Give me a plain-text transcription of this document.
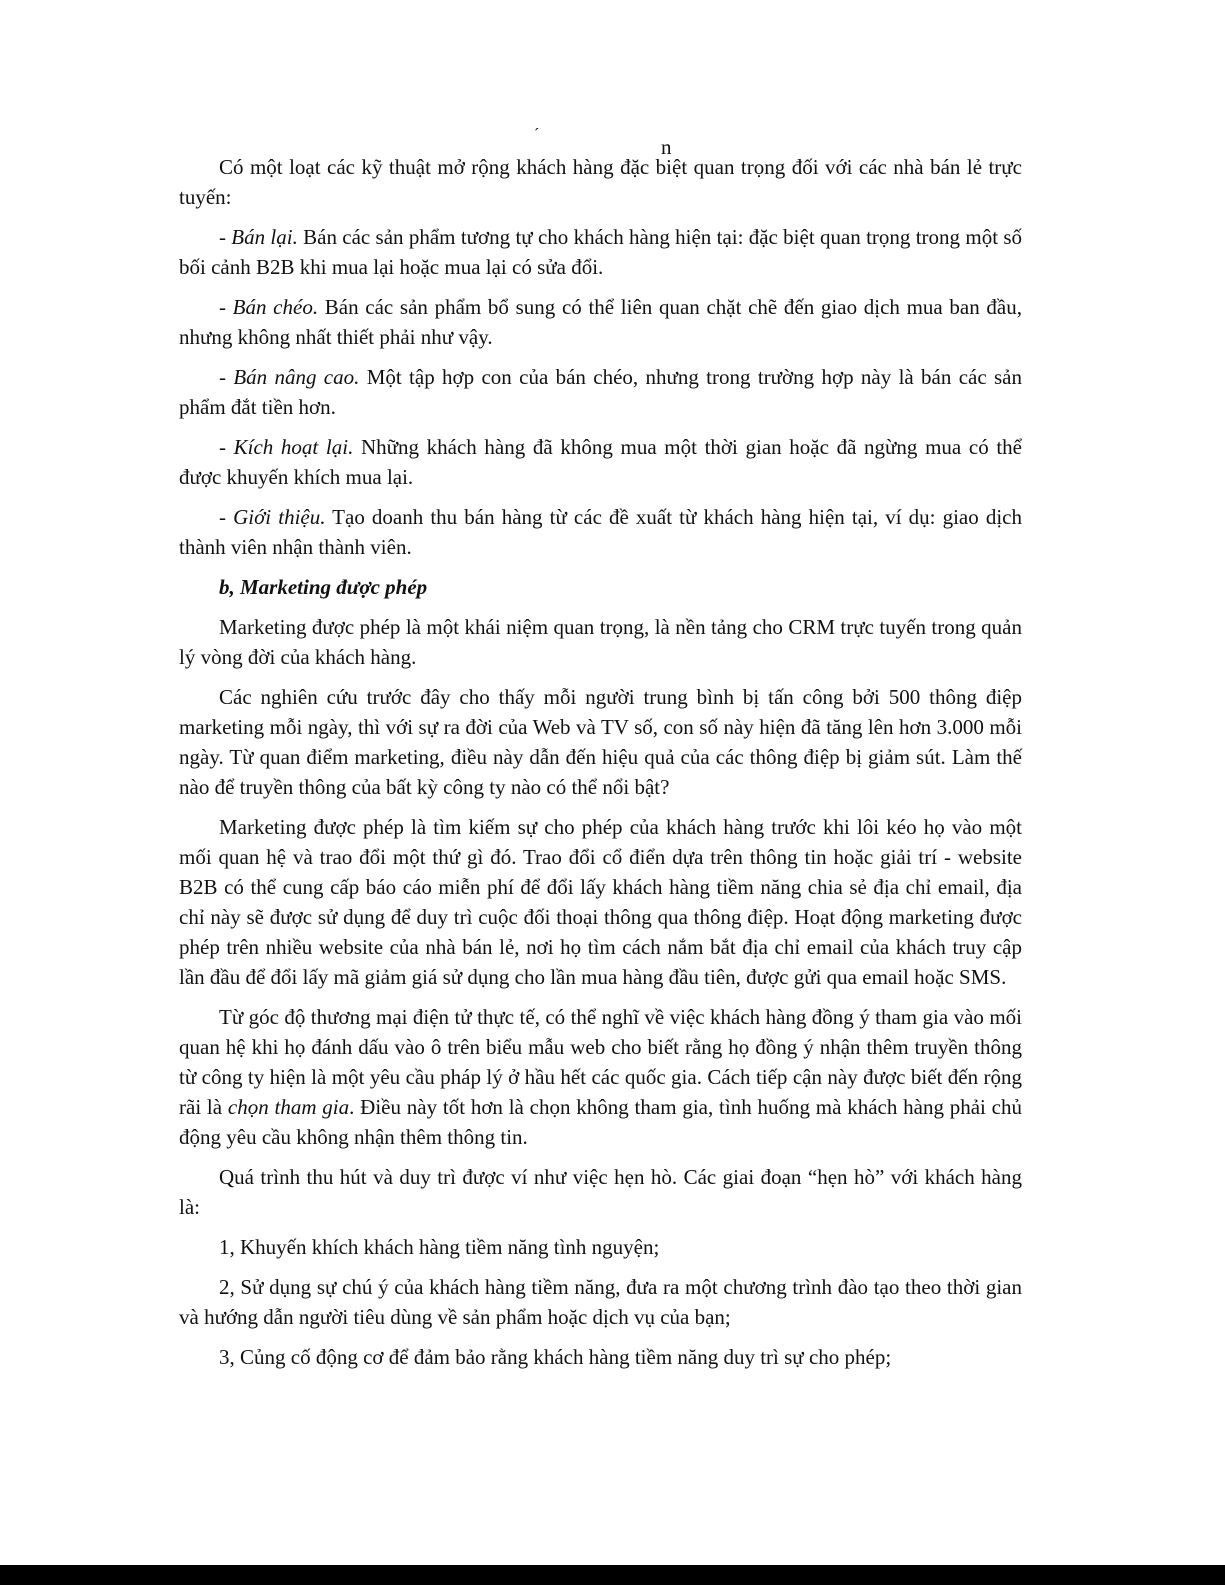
´
n

Có một loạt các kỹ thuật mở rộng khách hàng đặc biệt quan trọng đối với các nhà bán lẻ trực tuyến:

- Bán lại. Bán các sản phẩm tương tự cho khách hàng hiện tại: đặc biệt quan trọng trong một số bối cảnh B2B khi mua lại hoặc mua lại có sửa đổi.

- Bán chéo. Bán các sản phẩm bổ sung có thể liên quan chặt chẽ đến giao dịch mua ban đầu, nhưng không nhất thiết phải như vậy.

- Bán nâng cao. Một tập hợp con của bán chéo, nhưng trong trường hợp này là bán các sản phẩm đắt tiền hơn.

- Kích hoạt lại. Những khách hàng đã không mua một thời gian hoặc đã ngừng mua có thể được khuyến khích mua lại.

- Giới thiệu. Tạo doanh thu bán hàng từ các đề xuất từ khách hàng hiện tại, ví dụ: giao dịch thành viên nhận thành viên.

b, Marketing được phép

Marketing được phép là một khái niệm quan trọng, là nền tảng cho CRM trực tuyến trong quản lý vòng đời của khách hàng.

Các nghiên cứu trước đây cho thấy mỗi người trung bình bị tấn công bởi 500 thông điệp marketing mỗi ngày, thì với sự ra đời của Web và TV số, con số này hiện đã tăng lên hơn 3.000 mỗi ngày. Từ quan điểm marketing, điều này dẫn đến hiệu quả của các thông điệp bị giảm sút. Làm thế nào để truyền thông của bất kỳ công ty nào có thể nổi bật?

Marketing được phép là tìm kiếm sự cho phép của khách hàng trước khi lôi kéo họ vào một mối quan hệ và trao đổi một thứ gì đó. Trao đổi cổ điển dựa trên thông tin hoặc giải trí - website B2B có thể cung cấp báo cáo miễn phí để đổi lấy khách hàng tiềm năng chia sẻ địa chỉ email, địa chỉ này sẽ được sử dụng để duy trì cuộc đối thoại thông qua thông điệp. Hoạt động marketing được phép trên nhiều website của nhà bán lẻ, nơi họ tìm cách nắm bắt địa chỉ email của khách truy cập lần đầu để đổi lấy mã giảm giá sử dụng cho lần mua hàng đầu tiên, được gửi qua email hoặc SMS.

Từ góc độ thương mại điện tử thực tế, có thể nghĩ về việc khách hàng đồng ý tham gia vào mối quan hệ khi họ đánh dấu vào ô trên biểu mẫu web cho biết rằng họ đồng ý nhận thêm truyền thông từ công ty hiện là một yêu cầu pháp lý ở hầu hết các quốc gia. Cách tiếp cận này được biết đến rộng rãi là chọn tham gia. Điều này tốt hơn là chọn không tham gia, tình huống mà khách hàng phải chủ động yêu cầu không nhận thêm thông tin.

Quá trình thu hút và duy trì được ví như việc hẹn hò. Các giai đoạn “hẹn hò” với khách hàng là:

1, Khuyến khích khách hàng tiềm năng tình nguyện;

2, Sử dụng sự chú ý của khách hàng tiềm năng, đưa ra một chương trình đào tạo theo thời gian và hướng dẫn người tiêu dùng về sản phẩm hoặc dịch vụ của bạn;

3, Củng cố động cơ để đảm bảo rằng khách hàng tiềm năng duy trì sự cho phép;
